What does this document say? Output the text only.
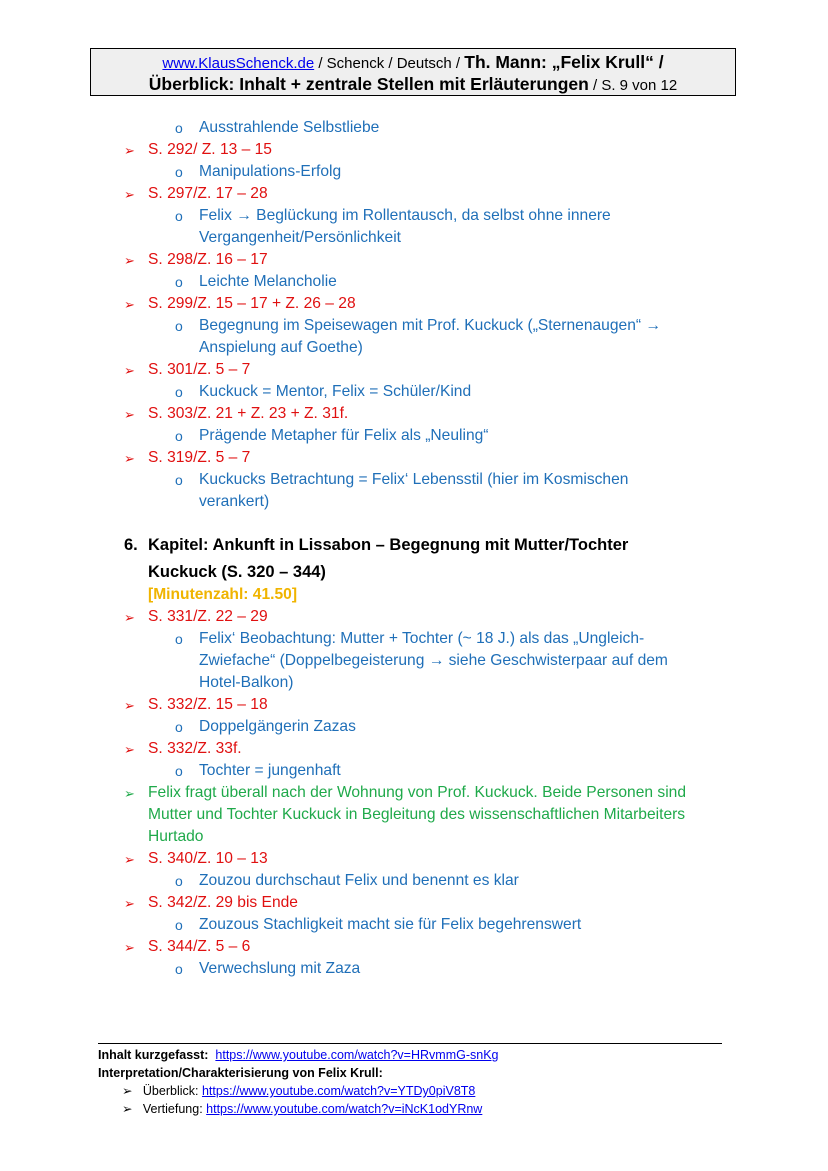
www.KlausSchenck.de / Schenck / Deutsch / Th. Mann: „Felix Krull“ /
Überblick: Inhalt + zentrale Stellen mit Erläuterungen / S. 9 von 12
o Ausstrahlende Selbstliebe
➢ S. 292/ Z. 13 – 15
o Manipulations-Erfolg
➢ S. 297/Z. 17 – 28
o Felix → Beglückung im Rollentausch, da selbst ohne innere
Vergangenheit/Persönlichkeit
➢ S. 298/Z. 16 – 17
o Leichte Melancholie
➢ S. 299/Z. 15 – 17 + Z. 26 – 28
o Begegnung im Speisewagen mit Prof. Kuckuck („Sternenaugen“ →
Anspielung auf Goethe)
➢ S. 301/Z. 5 – 7
o Kuckuck = Mentor, Felix = Schüler/Kind
➢ S. 303/Z. 21 + Z. 23 + Z. 31f.
o Prägende Metapher für Felix als „Neuling“
➢ S. 319/Z. 5 – 7
o Kuckucks Betrachtung = Felix‘ Lebensstil (hier im Kosmischen
verankert)
6. Kapitel: Ankunft in Lissabon – Begegnung mit Mutter/Tochter
Kuckuck (S. 320 – 344)
[Minutenzahl: 41.50]
➢ S. 331/Z. 22 – 29
o Felix‘ Beobachtung: Mutter + Tochter (~ 18 J.) als das „Ungleich-
Zwiefache“ (Doppelbegeisterung → siehe Geschwisterpaar auf dem
Hotel-Balkon)
➢ S. 332/Z. 15 – 18
o Doppelgängerin Zazas
➢ S. 332/Z. 33f.
o Tochter = jungenhaft
➢ Felix fragt überall nach der Wohnung von Prof. Kuckuck. Beide Personen sind
Mutter und Tochter Kuckuck in Begleitung des wissenschaftlichen Mitarbeiters
Hurtado
➢ S. 340/Z. 10 – 13
o Zouzou durchschaut Felix und benennt es klar
➢ S. 342/Z. 29 bis Ende
o Zouzous Stachligkeit macht sie für Felix begehrenswert
➢ S. 344/Z. 5 – 6
o Verwechslung mit Zaza
Inhalt kurzgefasst: https://www.youtube.com/watch?v=HRvmmG-snKg
Interpretation/Charakterisierung von Felix Krull:
➢ Überblick: https://www.youtube.com/watch?v=YTDy0piV8T8
➢ Vertiefung: https://www.youtube.com/watch?v=iNcK1odYRnw
